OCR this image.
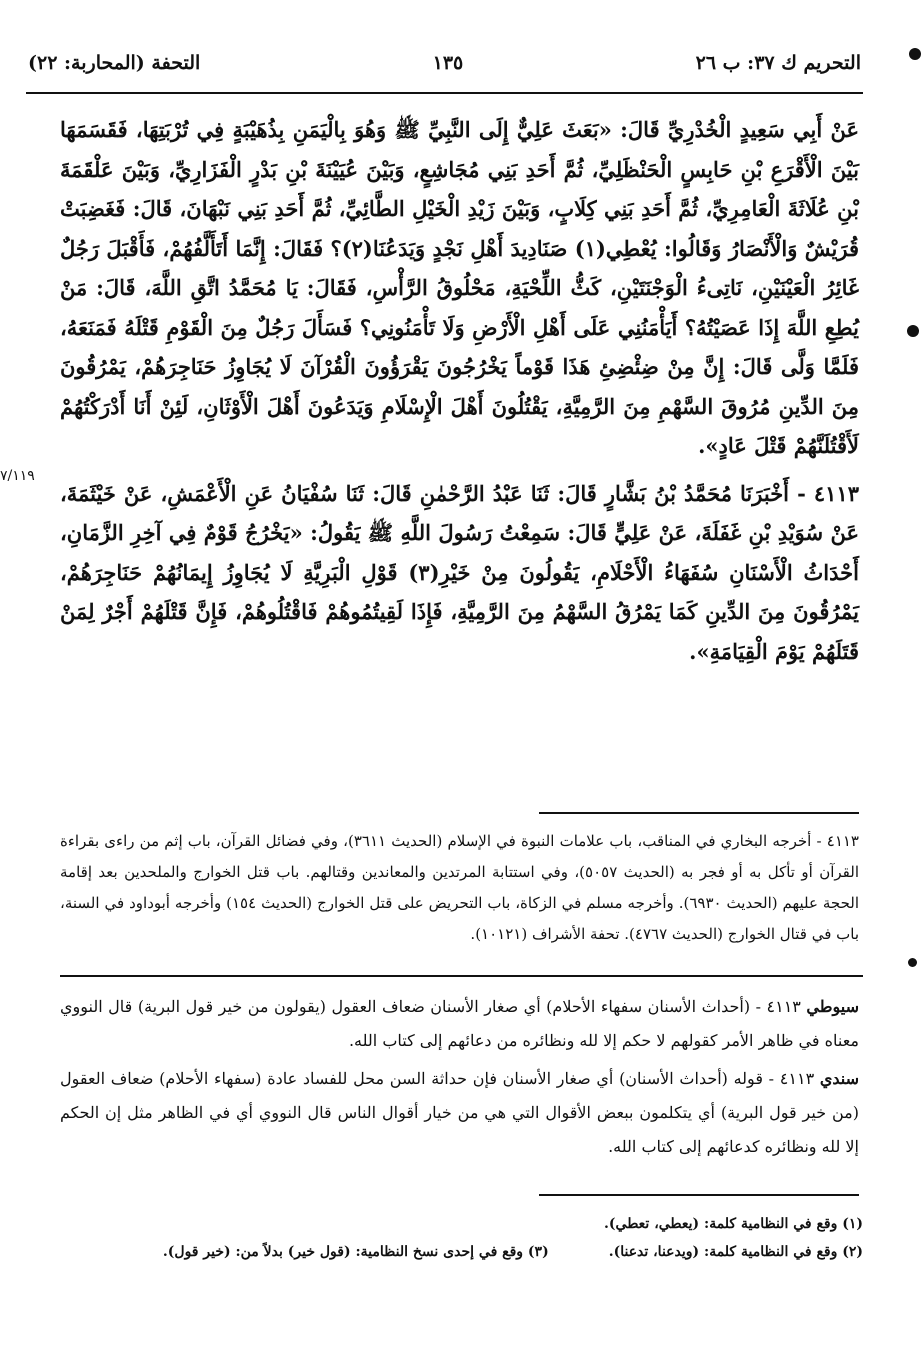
التحفة (المحاربة: ٢٢)	١٣٥	التحريم ك ٣٧: ب ٢٦
٧/١١٩

عَنْ أَبِي سَعِيدٍ الْخُدْرِيِّ قَالَ: «بَعَثَ عَلِيٌّ إِلَى النَّبِيِّ ﷺ وَهُوَ بِالْيَمَنِ بِذُهَيْبَةٍ فِي تُرْبَتِهَا، فَقَسَمَهَا بَيْنَ الْأَقْرَعِ بْنِ حَابِسٍ الْحَنْظَلِيِّ، ثُمَّ أَحَدِ بَنِي مُجَاشِعٍ، وَبَيْنَ عُيَيْنَةَ بْنِ بَدْرٍ الْفَزَارِيِّ، وَبَيْنَ عَلْقَمَةَ بْنِ عُلَاثَةَ الْعَامِرِيِّ، ثُمَّ أَحَدِ بَنِي كِلَابٍ، وَبَيْنَ زَيْدِ الْخَيْلِ الطَّائِيِّ، ثُمَّ أَحَدِ بَنِي نَبْهَانَ، قَالَ: فَغَضِبَتْ قُرَيْشٌ وَالْأَنْصَارُ وَقَالُوا: يُعْطِي(١) صَنَادِيدَ أَهْلِ نَجْدٍ وَيَدَعُنَا(٢)؟ فَقَالَ: إِنَّمَا أَتَأَلَّفُهُمْ، فَأَقْبَلَ رَجُلٌ غَائِرُ الْعَيْنَيْنِ، نَاتِىءُ الْوَجْنَتَيْنِ، كَثُّ اللِّحْيَةِ، مَحْلُوقُ الرَّأْسِ، فَقَالَ: يَا مُحَمَّدُ اتَّقِ اللَّهَ، قَالَ: مَنْ يُطِعِ اللَّهَ إِذَا عَصَيْتُهُ؟ أَيَأْمَنُنِي عَلَى أَهْلِ الْأَرْضِ وَلَا تَأْمَنُونِي؟ فَسَأَلَ رَجُلٌ مِنَ الْقَوْمِ قَتْلَهُ فَمَنَعَهُ، فَلَمَّا وَلَّى قَالَ: إِنَّ مِنْ ضِئْضِئِ هَذَا قَوْماً يَخْرُجُونَ يَقْرَؤُونَ الْقُرْآنَ لَا يُجَاوِزُ حَنَاجِرَهُمْ، يَمْرُقُونَ مِنَ الدِّينِ مُرُوقَ السَّهْمِ مِنَ الرَّمِيَّةِ، يَقْتُلُونَ أَهْلَ الْإِسْلَامِ وَيَدَعُونَ أَهْلَ الْأَوْثَانِ، لَئِنْ أَنَا أَدْرَكْتُهُمْ لَأَقْتُلَنَّهُمْ قَتْلَ عَادٍ».

٤١١٣ - أَخْبَرَنَا مُحَمَّدُ بْنُ بَشَّارٍ قَالَ: ثَنَا عَبْدُ الرَّحْمٰنِ قَالَ: ثَنَا سُفْيَانُ عَنِ الْأَعْمَشِ، عَنْ خَيْثَمَةَ، عَنْ سُوَيْدِ بْنِ غَفَلَةَ، عَنْ عَلِيٍّ قَالَ: سَمِعْتُ رَسُولَ اللَّهِ ﷺ يَقُولُ: «يَخْرُجُ قَوْمٌ فِي آخِرِ الزَّمَانِ، أَحْدَاثُ الْأَسْنَانِ سُفَهَاءُ الْأَحْلَامِ، يَقُولُونَ مِنْ خَيْرِ(٣) قَوْلِ الْبَرِيَّةِ لَا يُجَاوِزُ إِيمَانُهُمْ حَنَاجِرَهُمْ، يَمْرُقُونَ مِنَ الدِّينِ كَمَا يَمْرُقُ السَّهْمُ مِنَ الرَّمِيَّةِ، فَإِذَا لَقِيتُمُوهُمْ فَاقْتُلُوهُمْ، فَإِنَّ قَتْلَهُمْ أَجْرٌ لِمَنْ قَتَلَهُمْ يَوْمَ الْقِيَامَةِ».

٤١١٣ - أخرجه البخاري في المناقب، باب علامات النبوة في الإسلام (الحديث ٣٦١١)، وفي فضائل القرآن، باب إثم من راءى بقراءة القرآن أو تأكل به أو فجر به (الحديث ٥٠٥٧)، وفي استتابة المرتدين والمعاندين وقتالهم. باب قتل الخوارج والملحدين بعد إقامة الحجة عليهم (الحديث ٦٩٣٠). وأخرجه مسلم في الزكاة، باب التحريض على قتل الخوارج (الحديث ١٥٤) وأخرجه أبوداود في السنة، باب في قتال الخوارج (الحديث ٤٧٦٧). تحفة الأشراف (١٠١٢١).

سيوطي ٤١١٣ - (أحداث الأسنان سفهاء الأحلام) أي صغار الأسنان ضعاف العقول (يقولون من خير قول البرية) قال النووي معناه في ظاهر الأمر كقولهم لا حكم إلا لله ونظائره من دعائهم إلى كتاب الله.

سندي ٤١١٣ - قوله (أحداث الأسنان) أي صغار الأسنان فإن حداثة السن محل للفساد عادة (سفهاء الأحلام) ضعاف العقول (من خير قول البرية) أي يتكلمون ببعض الأقوال التي هي من خيار أقوال الناس قال النووي أي في الظاهر مثل إن الحكم إلا لله ونظائره كدعائهم إلى كتاب الله.

(١) وقع في النظامية كلمة: (يعطي، تعطي).
(٢) وقع في النظامية كلمة: (ويدعنا، تدعنا).
(٣) وقع في إحدى نسخ النظامية: (قول خير) بدلاً من: (خير قول).
